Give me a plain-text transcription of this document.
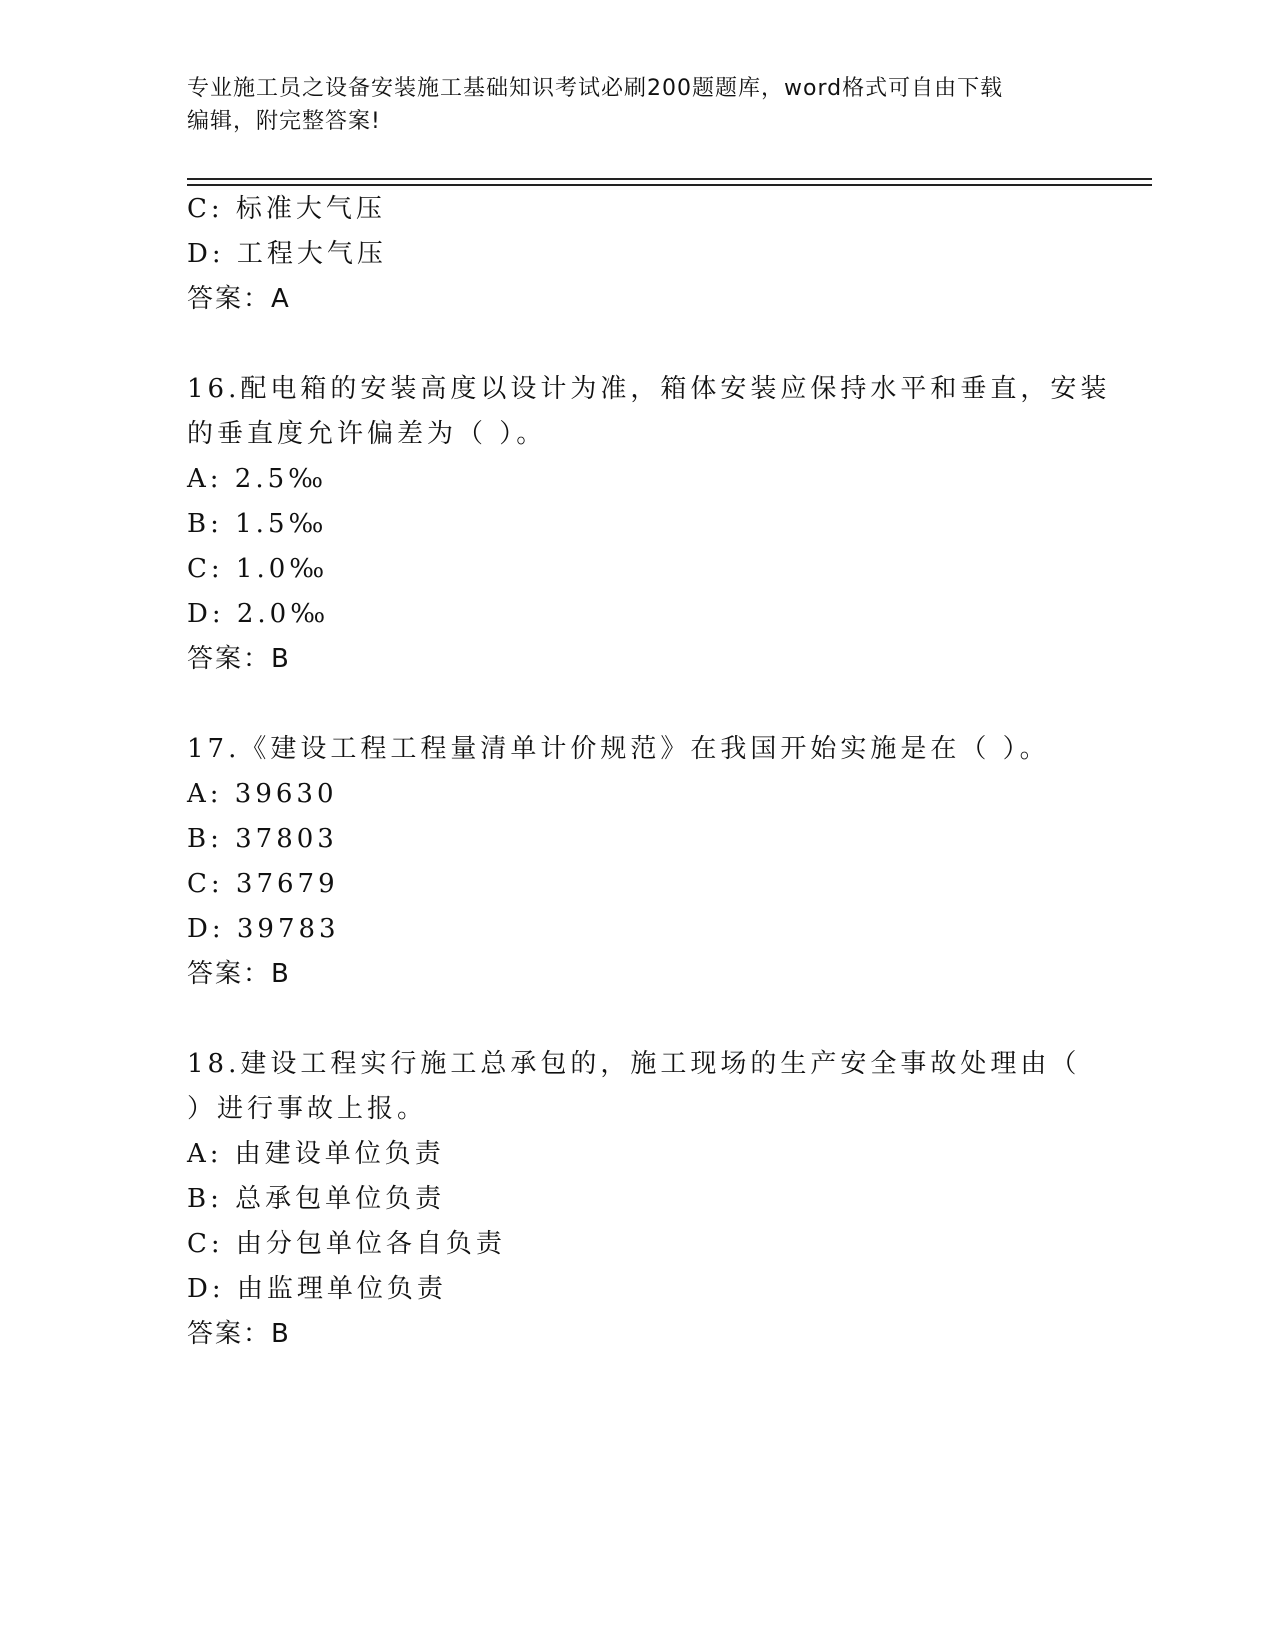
专业施工员之设备安装施工基础知识考试必刷200题题库，word格式可自由下载
编辑，附完整答案!
C: 标准大气压
D: 工程大气压
答案：A
16.配电箱的安装高度以设计为准，箱体安装应保持水平和垂直，安装
的垂直度允许偏差为（ ）。
A: 2.5‰
B: 1.5‰
C: 1.0‰
D: 2.0‰
答案：B
17.《建设工程工程量清单计价规范》在我国开始实施是在（ ）。
A: 39630
B: 37803
C: 37679
D: 39783
答案：B
18.建设工程实行施工总承包的，施工现场的生产安全事故处理由（
）进行事故上报。
A: 由建设单位负责
B: 总承包单位负责
C: 由分包单位各自负责
D: 由监理单位负责
答案：B
